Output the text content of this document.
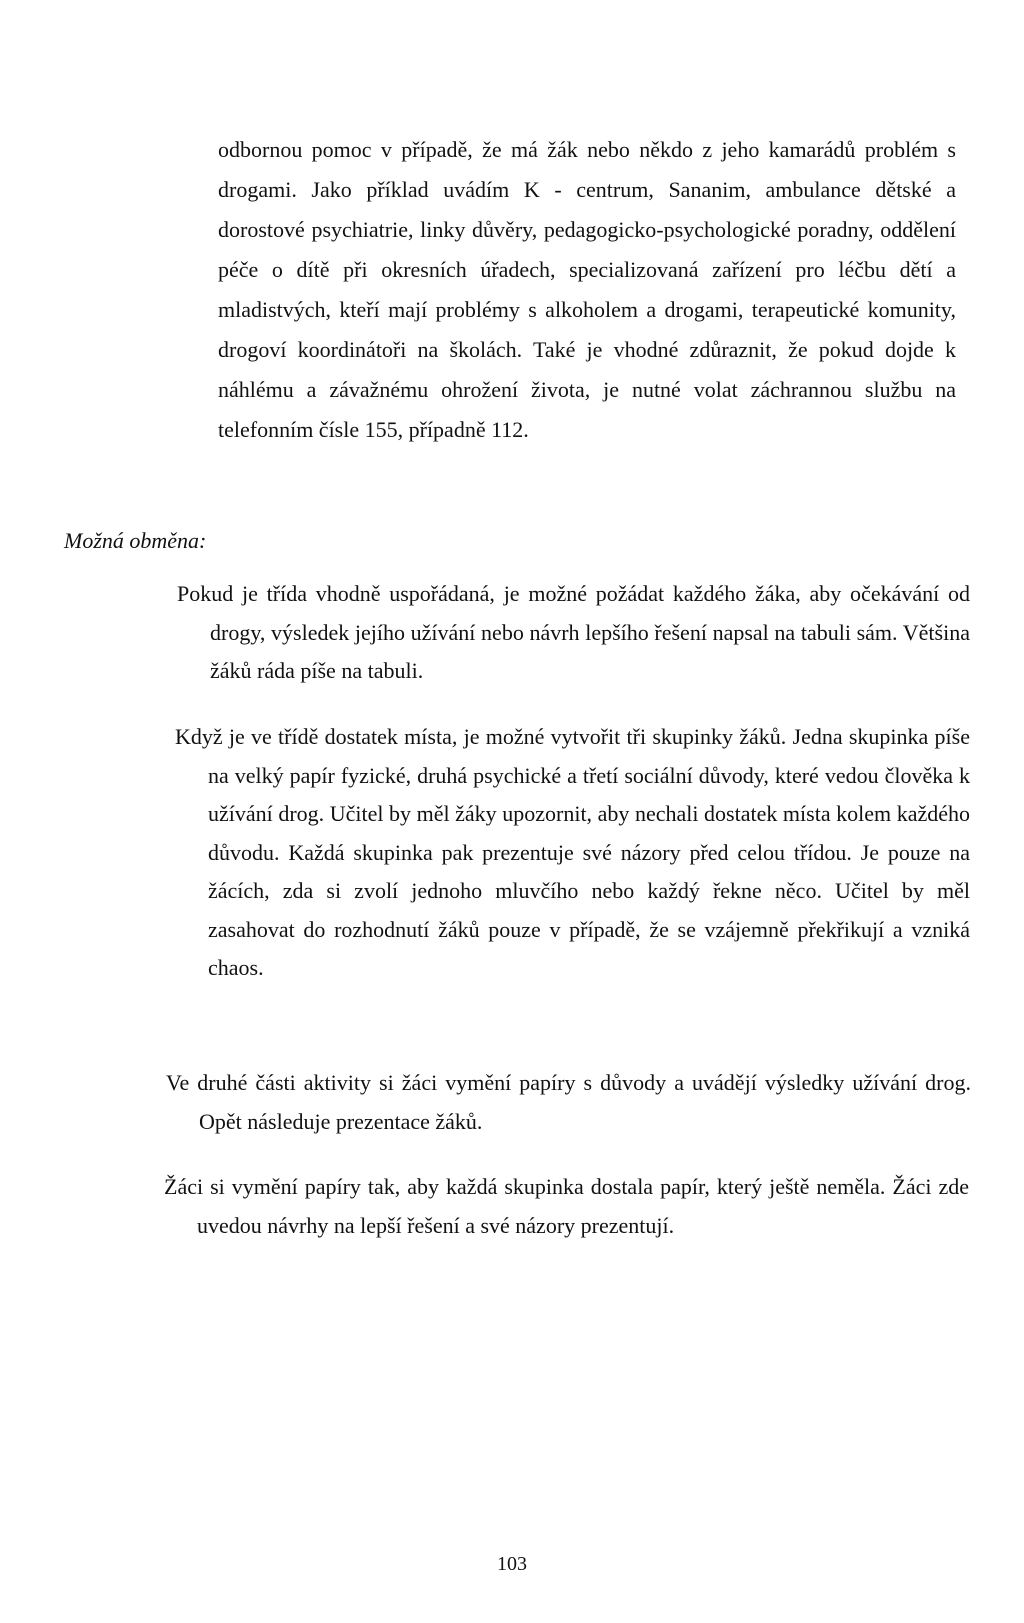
odbornou pomoc v případě, že má žák nebo někdo z jeho kamarádů problém s drogami. Jako příklad uvádím K - centrum, Sananim, ambulance dětské a dorostové psychiatrie, linky důvěry, pedagogicko-psychologické poradny, oddělení péče o dítě při okresních úřadech, specializovaná zařízení pro léčbu dětí a mladistvých, kteří mají problémy s alkoholem a drogami, terapeutické komunity, drogoví koordinátoři na školách. Také je vhodné zdůraznit, že pokud dojde k náhlému a závažnému ohrožení života, je nutné volat záchrannou službu na telefonním čísle 155, případně 112.

Možná obměna:

Pokud je třída vhodně uspořádaná, je možné požádat každého žáka, aby očekávání od drogy, výsledek jejího užívání nebo návrh lepšího řešení napsal na tabuli sám. Většina žáků ráda píše na tabuli.

Když je ve třídě dostatek místa, je možné vytvořit tři skupinky žáků. Jedna skupinka píše na velký papír fyzické, druhá psychické a třetí sociální důvody, které vedou člověka k užívání drog. Učitel by měl žáky upozornit, aby nechali dostatek místa kolem každého důvodu. Každá skupinka pak prezentuje své názory před celou třídou. Je pouze na žácích, zda si zvolí jednoho mluvčího nebo každý řekne něco. Učitel by měl zasahovat do rozhodnutí žáků pouze v případě, že se vzájemně překřikují a vzniká chaos.

Ve druhé části aktivity si žáci vymění papíry s důvody a uvádějí výsledky užívání drog. Opět následuje prezentace žáků.

Žáci si vymění papíry tak, aby každá skupinka dostala papír, který ještě neměla. Žáci zde uvedou návrhy na lepší řešení a své názory prezentují.

103
